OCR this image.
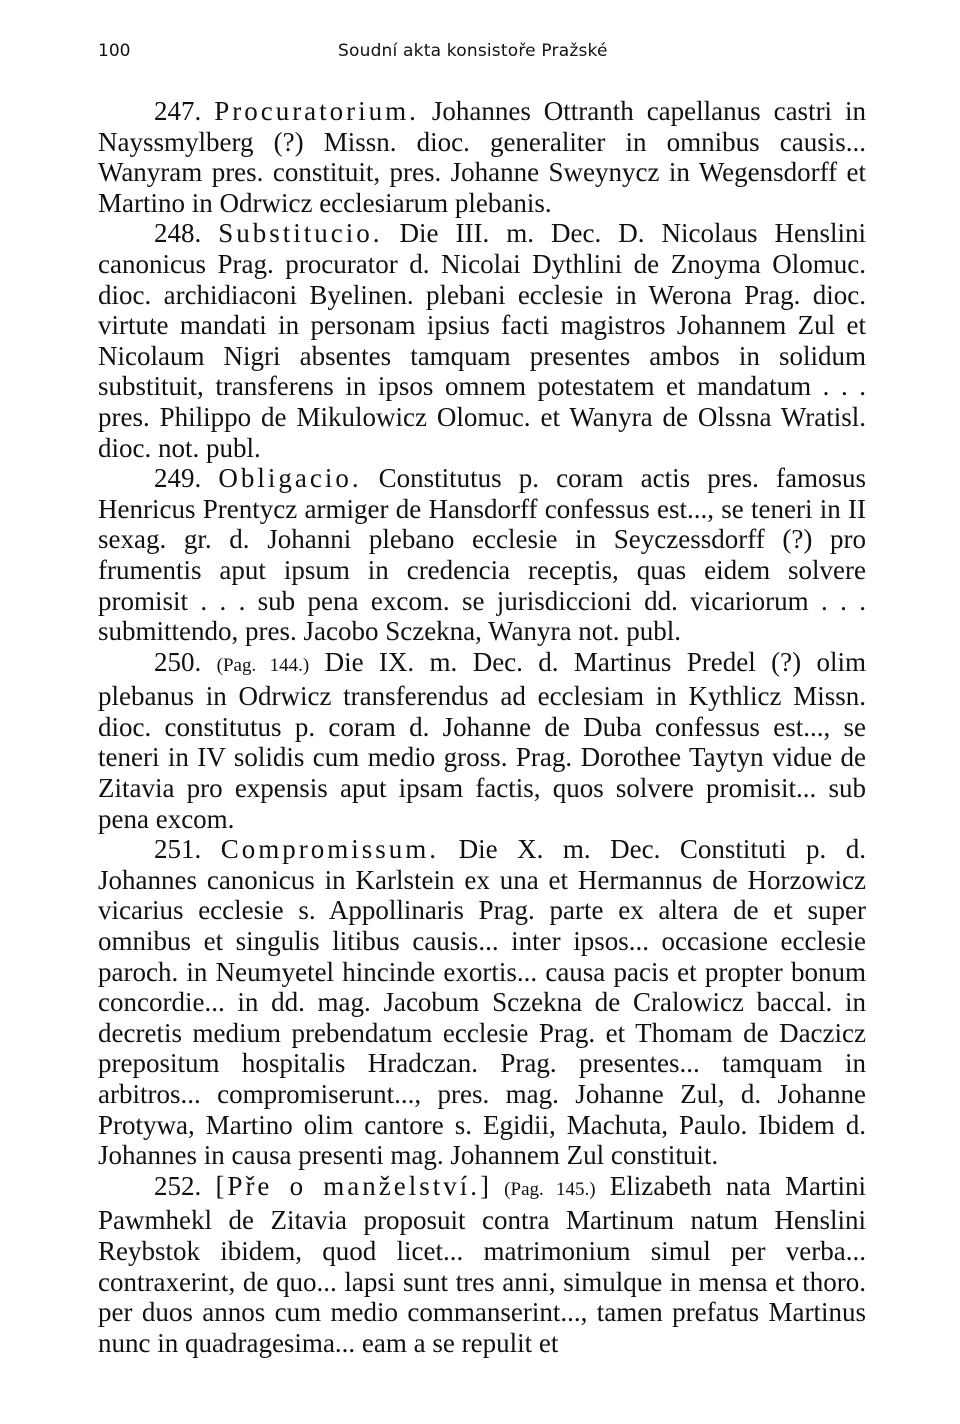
100	Soudní akta konsistoře Pražské

247. Procuratorium. Johannes Ottranth capellanus castri in Nayssmylberg (?) Missn. dioc. generaliter in omnibus causis... Wanyram pres. constituit, pres. Johanne Sweynycz in Wegensdorff et Martino in Odrwicz ecclesiarum plebanis.

248. Substitucio. Die III. m. Dec. D. Nicolaus Henslini canonicus Prag. procurator d. Nicolai Dythlini de Znoyma Olomuc. dioc. archidiaconi Byelinen. plebani ecclesie in Werona Prag. dioc. virtute mandati in personam ipsius facti magistros Johannem Zul et Nicolaum Nigri absentes tamquam presentes ambos in solidum substituit, transferens in ipsos omnem potestatem et mandatum . . . pres. Philippo de Mikulowicz Olomuc. et Wanyra de Olssna Wratisl. dioc. not. publ.

249. Obligacio. Constitutus p. coram actis pres. famosus Henricus Prentycz armiger de Hansdorff confessus est..., se teneri in II sexag. gr. d. Johanni plebano ecclesie in Seyczessdorff (?) pro frumentis aput ipsum in credencia receptis, quas eidem solvere promisit . . . sub pena excom. se jurisdiccioni dd. vicariorum . . . submittendo, pres. Jacobo Sczekna, Wanyra not. publ.

250. (Pag. 144.) Die IX. m. Dec. d. Martinus Predel (?) olim plebanus in Odrwicz transferendus ad ecclesiam in Kythlicz Missn. dioc. constitutus p. coram d. Johanne de Duba confessus est..., se teneri in IV solidis cum medio gross. Prag. Dorothee Taytyn vidue de Zitavia pro expensis aput ipsam factis, quos solvere promisit... sub pena excom.

251. Compromissum. Die X. m. Dec. Constituti p. d. Johannes canonicus in Karlstein ex una et Hermannus de Horzowicz vicarius ecclesie s. Appollinaris Prag. parte ex altera de et super omnibus et singulis litibus causis... inter ipsos... occasione ecclesie paroch. in Neumyetel hincinde exortis... causa pacis et propter bonum concordie... in dd. mag. Jacobum Sczekna de Cralowicz baccal. in decretis medium prebendatum ecclesie Prag. et Thomam de Daczicz prepositum hospitalis Hradczan. Prag. presentes... tamquam in arbitros... compromiserunt..., pres. mag. Johanne Zul, d. Johanne Protywa, Martino olim cantore s. Egidii, Machuta, Paulo. Ibidem d. Johannes in causa presenti mag. Johannem Zul constituit.

252. [Pře o manželství.] (Pag. 145.) Elizabeth nata Martini Pawmhekl de Zitavia proposuit contra Martinum natum Henslini Reybstok ibidem, quod licet... matrimonium simul per verba... contraxerint, de quo... lapsi sunt tres anni, simulque in mensa et thoro. per duos annos cum medio commanserint..., tamen prefatus Martinus nunc in quadragesima... eam a se repulit et
